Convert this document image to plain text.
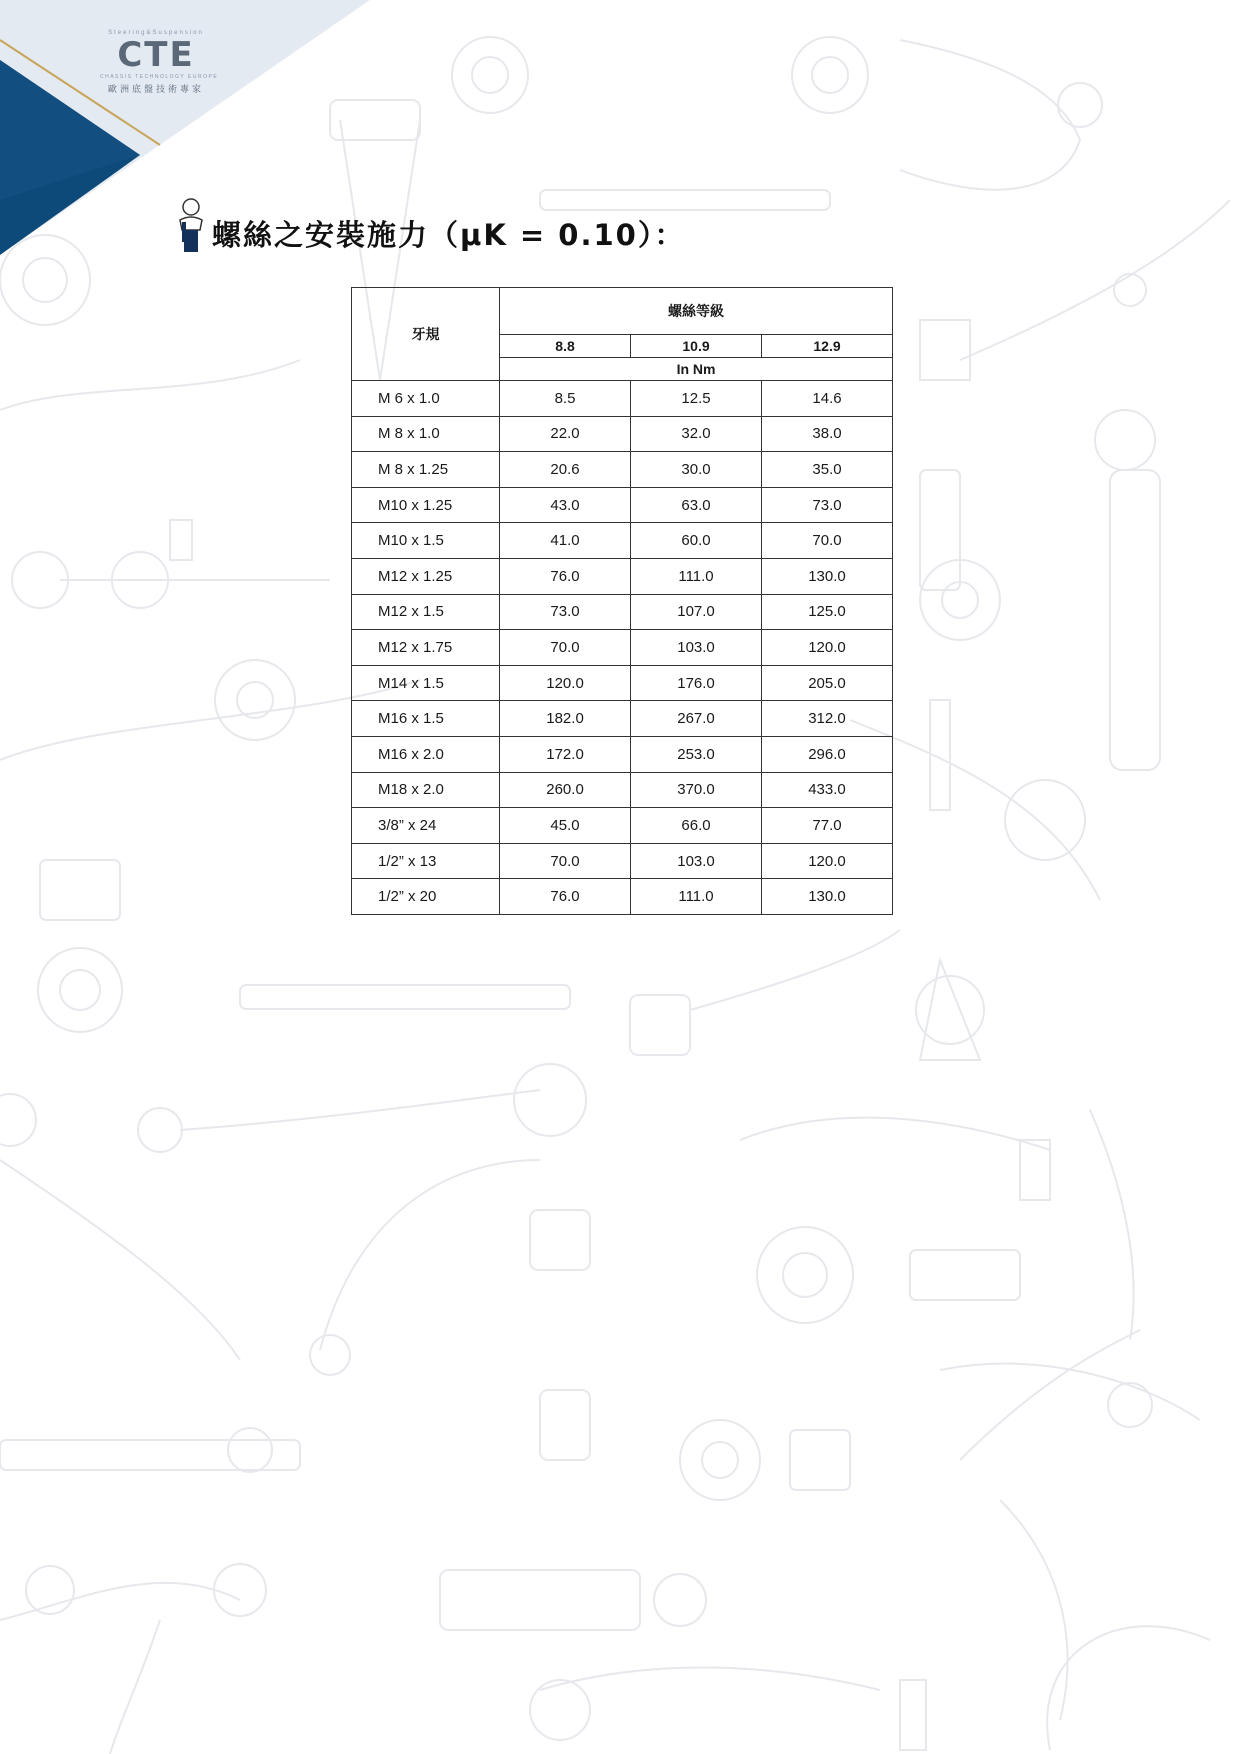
Steering&Suspension
CTE
CHASSIS TECHNOLOGY EUROPE
歐洲底盤技術專家
螺絲之安裝施力（μK = 0.10）：
牙規	螺絲等級		
	8.8	10.9	12.9
	In Nm		
M 6 x 1.0	8.5	12.5	14.6
M 8 x 1.0	22.0	32.0	38.0
M 8 x 1.25	20.6	30.0	35.0
M10 x 1.25	43.0	63.0	73.0
M10 x 1.5	41.0	60.0	70.0
M12 x 1.25	76.0	111.0	130.0
M12 x 1.5	73.0	107.0	125.0
M12 x 1.75	70.0	103.0	120.0
M14 x 1.5	120.0	176.0	205.0
M16 x 1.5	182.0	267.0	312.0
M16 x 2.0	172.0	253.0	296.0
M18 x 2.0	260.0	370.0	433.0
3/8” x 24	45.0	66.0	77.0
1/2” x 13	70.0	103.0	120.0
1/2” x 20	76.0	111.0	130.0
